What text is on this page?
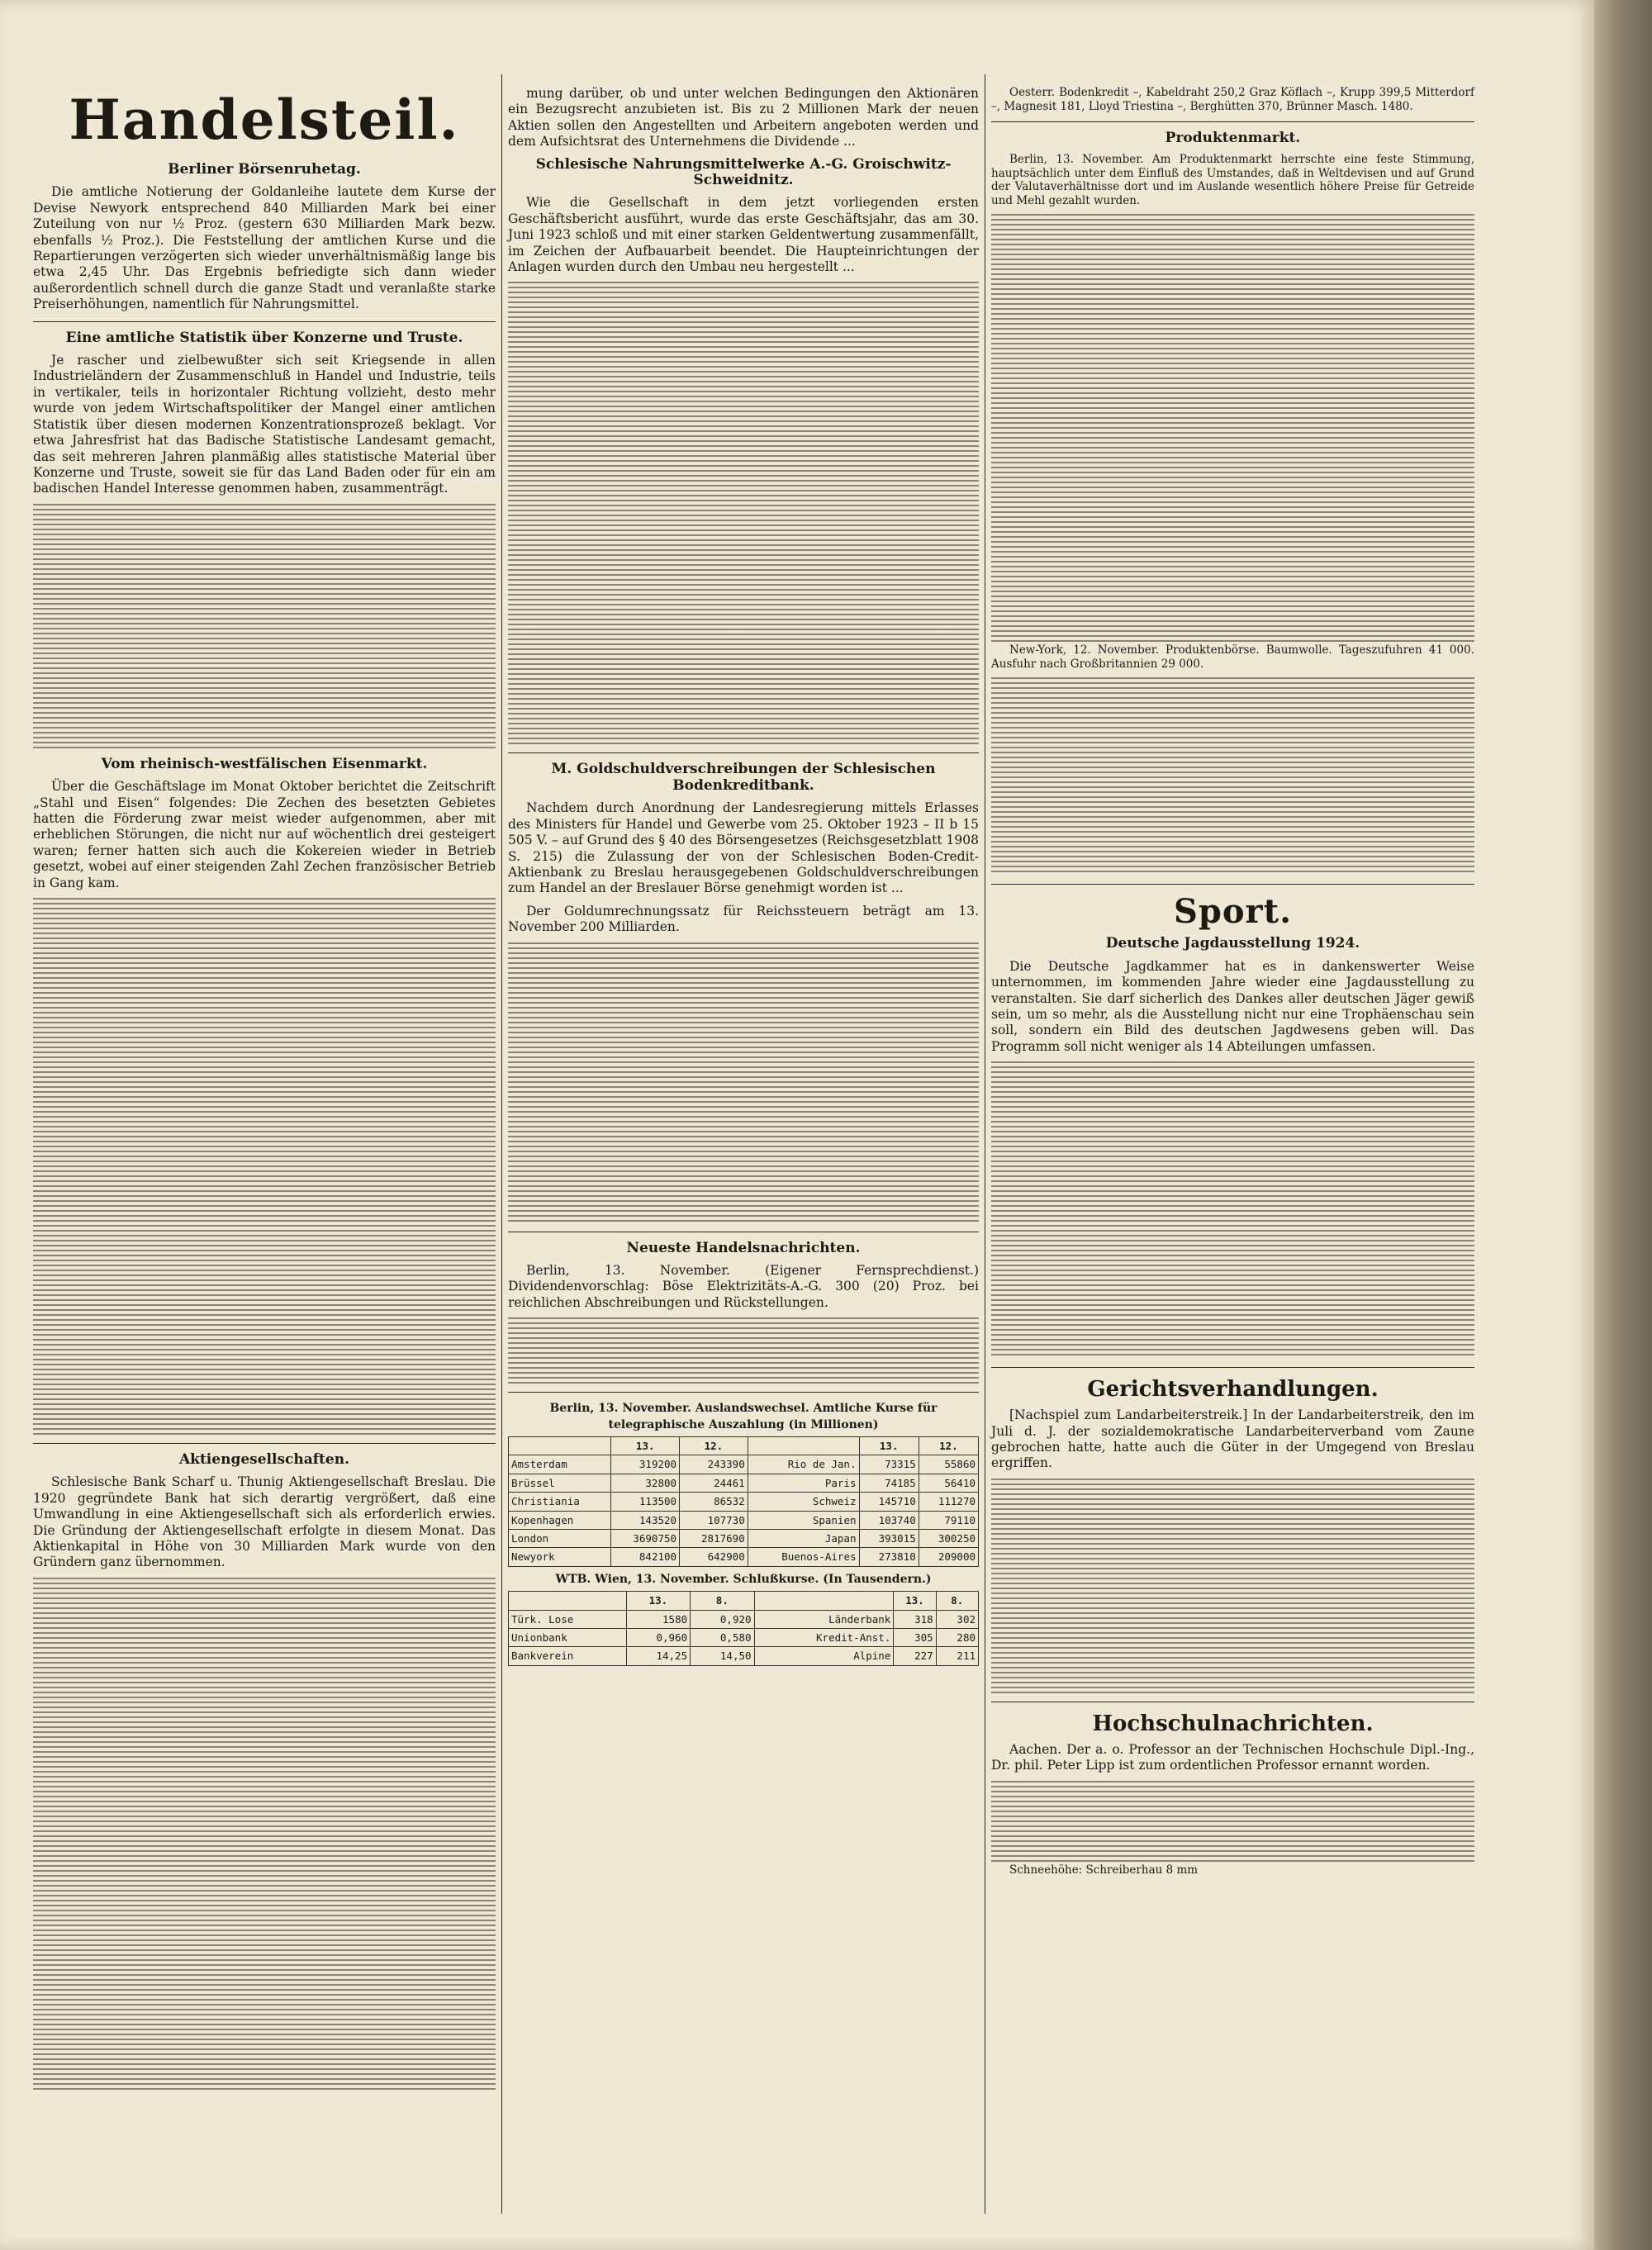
Handelsteil.
Berliner Börsenruhetag.

Die amtliche Notierung der Goldanleihe lautete dem Kurse der Devise Newyork entsprechend 840 Milliarden Mark bei einer Zuteilung von nur ½ Proz. (gestern 630 Milliarden Mark bezw. ebenfalls ½ Proz.). Die Feststellung der amtlichen Kurse und die Repartierungen verzögerten sich wieder unverhältnismäßig lange bis etwa 2,45 Uhr. Das Ergebnis befriedigte sich dann wieder außerordentlich schnell durch die ganze Stadt und veranlaßte starke Preiserhöhungen, namentlich für Nahrungsmittel.

Eine amtliche Statistik über Konzerne und Truste.

Je rascher und zielbewußter sich seit Kriegsende in allen Industrieländern der Zusammenschluß in Handel und Industrie, teils in vertikaler, teils in horizontaler Richtung vollzieht, desto mehr wurde von jedem Wirtschaftspolitiker der Mangel einer amtlichen Statistik über diesen modernen Konzentrationsprozeß beklagt. Vor etwa Jahresfrist hat das Badische Statistische Landesamt gemacht, das seit mehreren Jahren planmäßig alles statistische Material über Konzerne und Truste, soweit sie für das Land Baden oder für ein am badischen Handel Interesse genommen haben, zusammenträgt.

Vom rheinisch-westfälischen Eisenmarkt.

Über die Geschäftslage im Monat Oktober berichtet die Zeitschrift „Stahl und Eisen“ folgendes: Die Zechen des besetzten Gebietes hatten die Förderung zwar meist wieder aufgenommen, aber mit erheblichen Störungen, die nicht nur auf wöchentlich drei gesteigert waren; ferner hatten sich auch die Kokereien wieder in Betrieb gesetzt, wobei auf einer steigenden Zahl Zechen französischer Betrieb in Gang kam.

Aktiengesellschaften.

Schlesische Bank Scharf u. Thunig Aktiengesellschaft Breslau. Die 1920 gegründete Bank hat sich derartig vergrößert, daß eine Umwandlung in eine Aktiengesellschaft sich als erforderlich erwies. Die Gründung der Aktiengesellschaft erfolgte in diesem Monat. Das Aktienkapital in Höhe von 30 Milliarden Mark wurde von den Gründern ganz übernommen.

mung darüber, ob und unter welchen Bedingungen den Aktionären ein Bezugsrecht anzubieten ist. Bis zu 2 Millionen Mark der neuen Aktien sollen den Angestellten und Arbeitern angeboten werden und dem Aufsichtsrat des Unternehmens die Dividende ...

Schlesische Nahrungsmittelwerke A.-G. Groischwitz-Schweidnitz.

Wie die Gesellschaft in dem jetzt vorliegenden ersten Geschäftsbericht ausführt, wurde das erste Geschäftsjahr, das am 30. Juni 1923 schloß und mit einer starken Geldentwertung zusammenfällt, im Zeichen der Aufbauarbeit beendet. Die Haupteinrichtungen der Anlagen wurden durch den Umbau neu hergestellt ...

M. Goldschuldverschreibungen der Schlesischen Bodenkreditbank.

Nachdem durch Anordnung der Landesregierung mittels Erlasses des Ministers für Handel und Gewerbe vom 25. Oktober 1923 – II b 15 505 V. – auf Grund des § 40 des Börsengesetzes (Reichsgesetzblatt 1908 S. 215) die Zulassung der von der Schlesischen Boden-Credit-Aktienbank zu Breslau herausgegebenen Goldschuldverschreibungen zum Handel an der Breslauer Börse genehmigt worden ist ...

Der Goldumrechnungssatz für Reichssteuern beträgt am 13. November 200 Milliarden.

Neueste Handelsnachrichten.

Berlin, 13. November. (Eigener Fernsprechdienst.) Dividendenvorschlag: Böse Elektrizitäts-A.-G. 300 (20) Proz. bei reichlichen Abschreibungen und Rückstellungen.

Berlin, 13. November. Auslandswechsel. Amtliche Kurse für telegraphische Auszahlung (in Millionen)
	13.	12.		13.	12.
Amsterdam	319200	243390	Rio de Jan.	73315	55860
Brüssel	32800	24461	Paris	74185	56410
Christiania	113500	86532	Schweiz	145710	111270
Kopenhagen	143520	107730	Spanien	103740	79110
London	3690750	2817690	Japan	393015	300250
Newyork	842100	642900	Buenos-Aires	273810	209000
WTB. Wien, 13. November. Schlußkurse. (In Tausendern.)
	13.	8.		13.	8.
Türk. Lose	1580	0,920	Länderbank	318	302
Unionbank	0,960	0,580	Kredit-Anst.	305	280
Bankverein	14,25	14,50	Alpine	227	211

Oesterr. Bodenkredit –, Kabeldraht 250,2 Graz Köflach –, Krupp 399,5 Mitterdorf –, Magnesit 181, Lloyd Triestina –, Berghütten 370, Brünner Masch. 1480.

Produktenmarkt.

Berlin, 13. November. Am Produktenmarkt herrschte eine feste Stimmung, hauptsächlich unter dem Einfluß des Umstandes, daß in Weltdevisen und auf Grund der Valutaverhältnisse dort und im Auslande wesentlich höhere Preise für Getreide und Mehl gezahlt wurden.

New-York, 12. November. Produktenbörse. Baumwolle. Tageszufuhren 41 000. Ausfuhr nach Großbritannien 29 000.

Sport.
Deutsche Jagdausstellung 1924.

Die Deutsche Jagdkammer hat es in dankenswerter Weise unternommen, im kommenden Jahre wieder eine Jagdausstellung zu veranstalten. Sie darf sicherlich des Dankes aller deutschen Jäger gewiß sein, um so mehr, als die Ausstellung nicht nur eine Trophäenschau sein soll, sondern ein Bild des deutschen Jagdwesens geben will. Das Programm soll nicht weniger als 14 Abteilungen umfassen.

Gerichtsverhandlungen.

[Nachspiel zum Landarbeiterstreik.] In der Landarbeiterstreik, den im Juli d. J. der sozialdemokratische Landarbeiterverband vom Zaune gebrochen hatte, hatte auch die Güter in der Umgegend von Breslau ergriffen.

Hochschulnachrichten.

Aachen. Der a. o. Professor an der Technischen Hochschule Dipl.-Ing., Dr. phil. Peter Lipp ist zum ordentlichen Professor ernannt worden.

Schneehöhe: Schreiberhau 8 mm
